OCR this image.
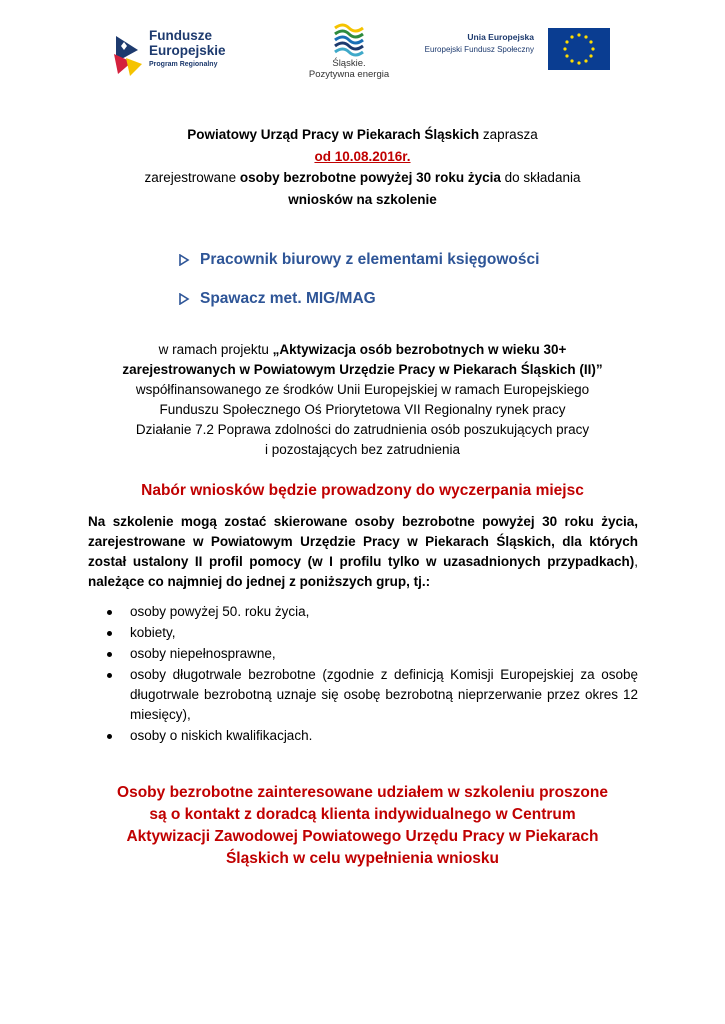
Fundusze
Europejskie
Program Regionalny	Śląskie.
Pozytywna energia
Unia Europejska
Europejski Fundusz Społeczny
Powiatowy Urząd Pracy w Piekarach Śląskich zaprasza
od 10.08.2016r.
zarejestrowane osoby bezrobotne powyżej 30 roku życia do składania
wniosków na szkolenie
Pracownik biurowy z elementami księgowości
Spawacz met. MIG/MAG
w ramach projektu „Aktywizacja osób bezrobotnych w wieku 30+
zarejestrowanych w Powiatowym Urzędzie Pracy w Piekarach Śląskich (II)”
współfinansowanego ze środków Unii Europejskiej w ramach Europejskiego
Funduszu Społecznego Oś Priorytetowa VII Regionalny rynek pracy
Działanie 7.2 Poprawa zdolności do zatrudnienia osób poszukujących pracy
i pozostających bez zatrudnienia
Nabór wniosków będzie prowadzony do wyczerpania miejsc
Na szkolenie mogą zostać skierowane osoby bezrobotne powyżej 30 roku życia, zarejestrowane w Powiatowym Urzędzie Pracy w Piekarach Śląskich, dla których został ustalony II profil pomocy (w I profilu tylko w uzasadnionych przypadkach), należące co najmniej do jednej z poniższych grup, tj.:
osoby powyżej 50. roku życia,
kobiety,
osoby niepełnosprawne,
osoby długotrwale bezrobotne (zgodnie z definicją Komisji Europejskiej za osobę długotrwale bezrobotną uznaje się osobę bezrobotną nieprzerwanie przez okres 12 miesięcy),
osoby o niskich kwalifikacjach.
Osoby bezrobotne zainteresowane udziałem w szkoleniu proszone
są o kontakt z doradcą klienta indywidualnego w Centrum
Aktywizacji Zawodowej Powiatowego Urzędu Pracy w Piekarach
Śląskich w celu wypełnienia wniosku
